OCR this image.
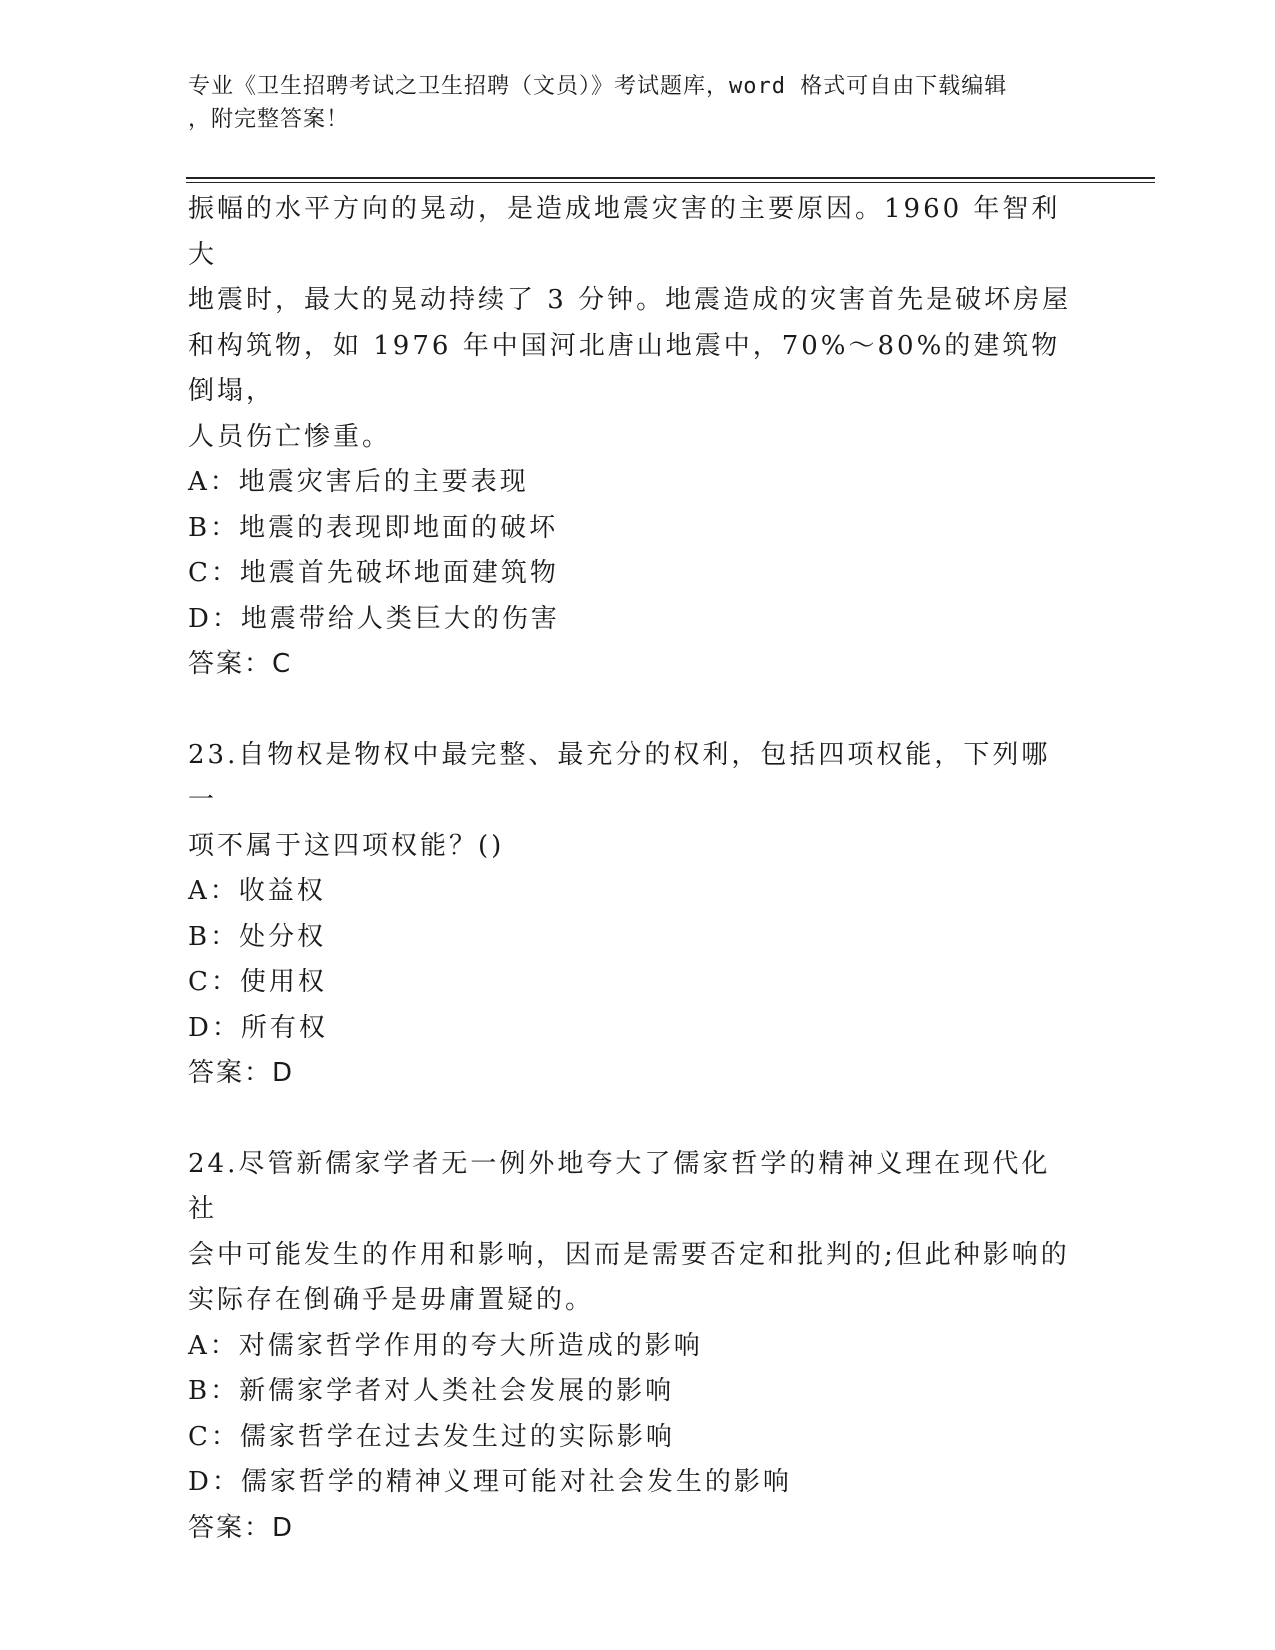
专业《卫生招聘考试之卫生招聘（文员）》考试题库，word 格式可自由下载编辑
，附完整答案！

振幅的水平方向的晃动，是造成地震灾害的主要原因。1960 年智利大

地震时，最大的晃动持续了 3 分钟。地震造成的灾害首先是破坏房屋

和构筑物，如 1976 年中国河北唐山地震中，70%～80%的建筑物倒塌，

人员伤亡惨重。

A：地震灾害后的主要表现

B：地震的表现即地面的破坏

C：地震首先破坏地面建筑物

D：地震带给人类巨大的伤害

答案：C

23.自物权是物权中最完整、最充分的权利，包括四项权能，下列哪一

项不属于这四项权能？()

A：收益权

B：处分权

C：使用权

D：所有权

答案：D

24.尽管新儒家学者无一例外地夸大了儒家哲学的精神义理在现代化社

会中可能发生的作用和影响，因而是需要否定和批判的;但此种影响的

实际存在倒确乎是毋庸置疑的。

A：对儒家哲学作用的夸大所造成的影响

B：新儒家学者对人类社会发展的影响

C：儒家哲学在过去发生过的实际影响

D：儒家哲学的精神义理可能对社会发生的影响

答案：D
